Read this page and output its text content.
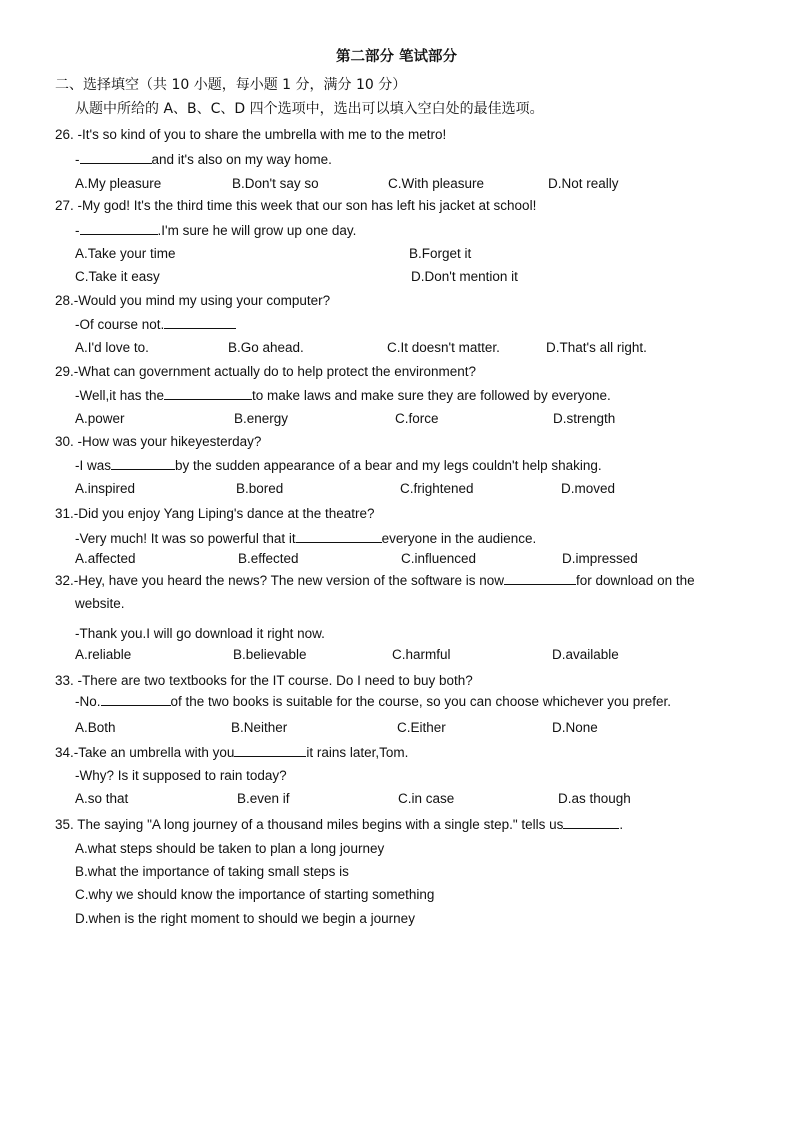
第二部分 笔试部分
二、选择填空（共 10 小题，每小题 1 分，满分 10 分）
从题中所给的 A、B、C、D 四个选项中，选出可以填入空白处的最佳选项。
26. -It's so kind of you to share the umbrella with me to the metro!
-	and it's also on my way home.
A.My pleasure	B.Don't say so	C.With pleasure	D.Not really
27. -My god! It's the third time this week that our son has left his jacket at school!
-	.I'm sure he will grow up one day.
A.Take your time	B.Forget it
C.Take it easy	D.Don't mention it
28.-Would you mind my using your computer?
-Of course not.
A.I'd love to.	B.Go ahead.	C.It doesn't matter.	D.That's all right.
29.-What can government actually do to help protect the environment?
-Well,it has the	to make laws and make sure they are followed by everyone.
A.power	B.energy	C.force	D.strength
30. -How was your hikeyesterday?
-I was	by the sudden appearance of a bear and my legs couldn't help shaking.
A.inspired	B.bored	C.frightened	D.moved
31.-Did you enjoy Yang Liping's dance at the theatre?
-Very much! It was so powerful that it	everyone in the audience.
A.affected	B.effected	C.influenced	D.impressed
32.-Hey, have you heard the news? The new version of the software is now	for download on the
website.
-Thank you.I will go download it right now.
A.reliable	B.believable	C.harmful	D.available
33. -There are two textbooks for the IT course. Do I need to buy both?
-No.	of the two books is suitable for the course, so you can choose whichever you prefer.
A.Both	B.Neither	C.Either	D.None
34.-Take an umbrella with you	it rains later,Tom.
-Why? Is it supposed to rain today?
A.so that	B.even if	C.in case	D.as though
35. The saying "A long journey of a thousand miles begins with a single step." tells us	.
A.what steps should be taken to plan a long journey
B.what the importance of taking small steps is
C.why we should know the importance of starting something
D.when is the right moment to should we begin a journey
